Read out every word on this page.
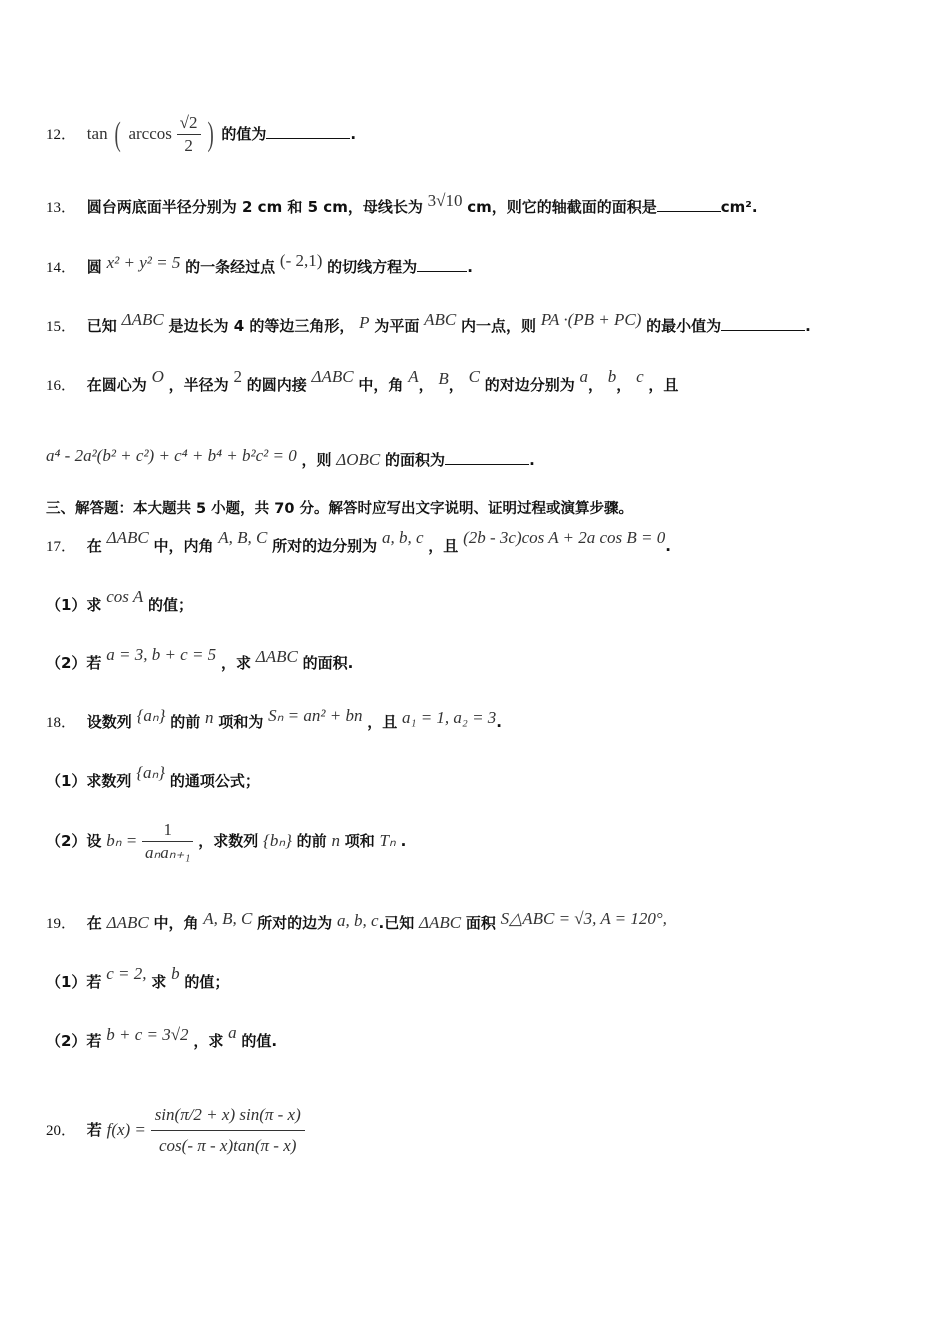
12． tan ( $\arccos \frac{√2}{2}$ ) 的值为	.
13． 圆台两底面半径分别为 2 cm 和 5 cm，母线长为 3√10 cm，则它的轴截面的面积是	cm².
14． 圆 x² + y² = 5 的一条经过点 (- 2,1) 的切线方程为	.
15． 已知 ΔABC 是边长为 4 的等边三角形， P 为平面 ABC 内一点，则 PA ·(PB + PC) 的最小值为	.
16． 在圆心为 O ，半径为 2 的圆内接 ΔABC 中，角 A， B， C 的对边分别为 a， b， c ，且
a⁴ - 2a²(b² + c²) + c⁴ + b⁴ + b²c² = 0 ，则 ΔOBC 的面积为	.
三、解答题：本大题共 5 小题，共 70 分。解答时应写出文字说明、证明过程或演算步骤。
17． 在 ΔABC 中，内角 A, B, C 所对的边分别为 a, b, c ，且 (2b - 3c)cos A + 2a cos B = 0.
（1）求 cos A 的值；
（2）若 a = 3, b + c = 5 ，求 ΔABC 的面积.
18． 设数列 {aₙ} 的前 n 项和为 Sₙ = an² + bn ，且 a₁ = 1, a₂ = 3.
（1）求数列 {aₙ} 的通项公式；
（2）设 $b_n = \frac{1}{\text{aₙaₙ₊₁}}$ ，求数列 {bₙ} 的前 n 项和 Tₙ .
19． 在 ΔABC 中，角 A, B, C 所对的边为 a, b, c.已知 ΔABC 面积 S△ABC = √3, A = 120°,
（1）若 c = 2, 求 b 的值；
（2）若 b + c = 3√2 ，求 a 的值.
20． 若 $f(x) = \frac{\sin(\pi/2 + x) \sin(\pi - x)}{\cos(- \pi - x)\tan(\pi - x)}$
